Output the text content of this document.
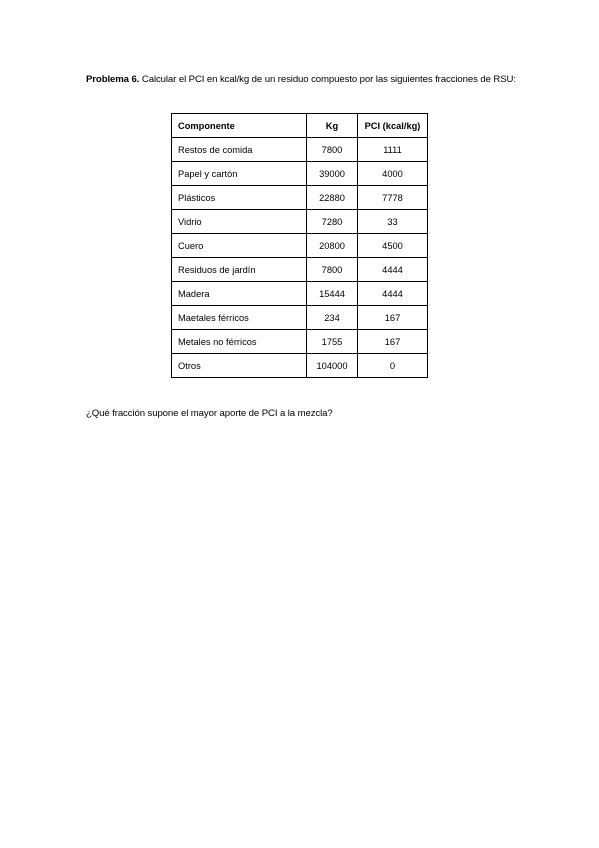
Problema 6. Calcular el PCI en kcal/kg de un residuo compuesto por las siguientes fracciones de RSU:

Componente	Kg	PCI (kcal/kg)
Restos de comida	7800	1111
Papel y cartón	39000	4000
Plásticos	22880	7778
Vidrio	7280	33
Cuero	20800	4500
Residuos de jardín	7800	4444
Madera	15444	4444
Maetales férricos	234	167
Metales no férricos	1755	167
Otros	104000	0

¿Qué fracción supone el mayor aporte de PCI a la mezcla?
